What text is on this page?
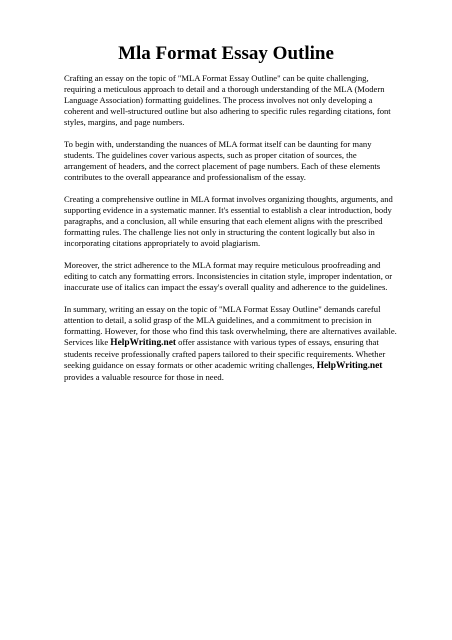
Mla Format Essay Outline

Crafting an essay on the topic of "MLA Format Essay Outline" can be quite challenging, requiring a meticulous approach to detail and a thorough understanding of the MLA (Modern Language Association) formatting guidelines. The process involves not only developing a coherent and well-structured outline but also adhering to specific rules regarding citations, font styles, margins, and page numbers.

To begin with, understanding the nuances of MLA format itself can be daunting for many students. The guidelines cover various aspects, such as proper citation of sources, the arrangement of headers, and the correct placement of page numbers. Each of these elements contributes to the overall appearance and professionalism of the essay.

Creating a comprehensive outline in MLA format involves organizing thoughts, arguments, and supporting evidence in a systematic manner. It's essential to establish a clear introduction, body paragraphs, and a conclusion, all while ensuring that each element aligns with the prescribed formatting rules. The challenge lies not only in structuring the content logically but also in incorporating citations appropriately to avoid plagiarism.

Moreover, the strict adherence to the MLA format may require meticulous proofreading and editing to catch any formatting errors. Inconsistencies in citation style, improper indentation, or inaccurate use of italics can impact the essay's overall quality and adherence to the guidelines.

In summary, writing an essay on the topic of "MLA Format Essay Outline" demands careful attention to detail, a solid grasp of the MLA guidelines, and a commitment to precision in formatting. However, for those who find this task overwhelming, there are alternatives available. Services like HelpWriting.net offer assistance with various types of essays, ensuring that students receive professionally crafted papers tailored to their specific requirements. Whether seeking guidance on essay formats or other academic writing challenges, HelpWriting.net provides a valuable resource for those in need.
